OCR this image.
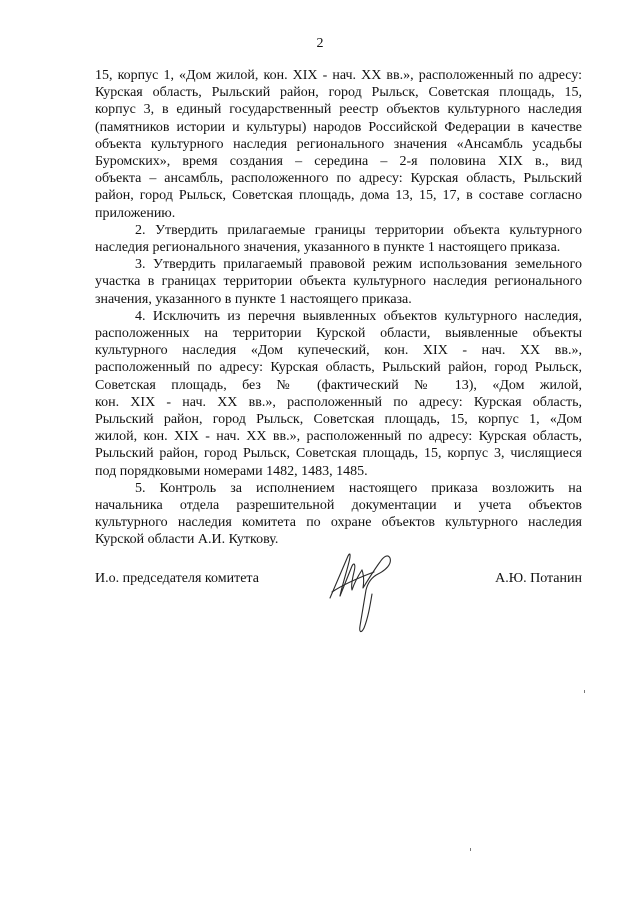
2

15, корпус 1, «Дом жилой, кон. XIX - нач. XX вв.», расположенный по адресу:
Курская область, Рыльский район, город Рыльск, Советская площадь, 15,
корпус 3, в единый государственный реестр объектов культурного наследия
(памятников истории и культуры) народов Российской Федерации в качестве
объекта культурного наследия регионального значения «Ансамбль усадьбы
Буромских», время создания – середина – 2-я половина XIX в., вид
объекта – ансамбль, расположенного по адресу: Курская область, Рыльский
район, город Рыльск, Советская площадь, дома 13, 15, 17, в составе согласно
приложению.

2. Утвердить прилагаемые границы территории объекта культурного
наследия регионального значения, указанного в пункте 1 настоящего приказа.

3. Утвердить прилагаемый правовой режим использования земельного
участка в границах территории объекта культурного наследия регионального
значения, указанного в пункте 1 настоящего приказа.

4. Исключить из перечня выявленных объектов культурного наследия,
расположенных на территории Курской области, выявленные объекты
культурного наследия «Дом купеческий, кон. XIX - нач. XX вв.»,
расположенный по адресу: Курская область, Рыльский район, город Рыльск,
Советская площадь, без № (фактический № 13), «Дом жилой,
кон. XIX - нач. XX вв.», расположенный по адресу: Курская область,
Рыльский район, город Рыльск, Советская площадь, 15, корпус 1, «Дом
жилой, кон. XIX - нач. XX вв.», расположенный по адресу: Курская область,
Рыльский район, город Рыльск, Советская площадь, 15, корпус 3, числящиеся
под порядковыми номерами 1482, 1483, 1485.

5. Контроль за исполнением настоящего приказа возложить на
начальника отдела разрешительной документации и учета объектов
культурного наследия комитета по охране объектов культурного наследия
Курской области А.И. Куткову.

И.о. председателя комитета	А.Ю. Потанин
